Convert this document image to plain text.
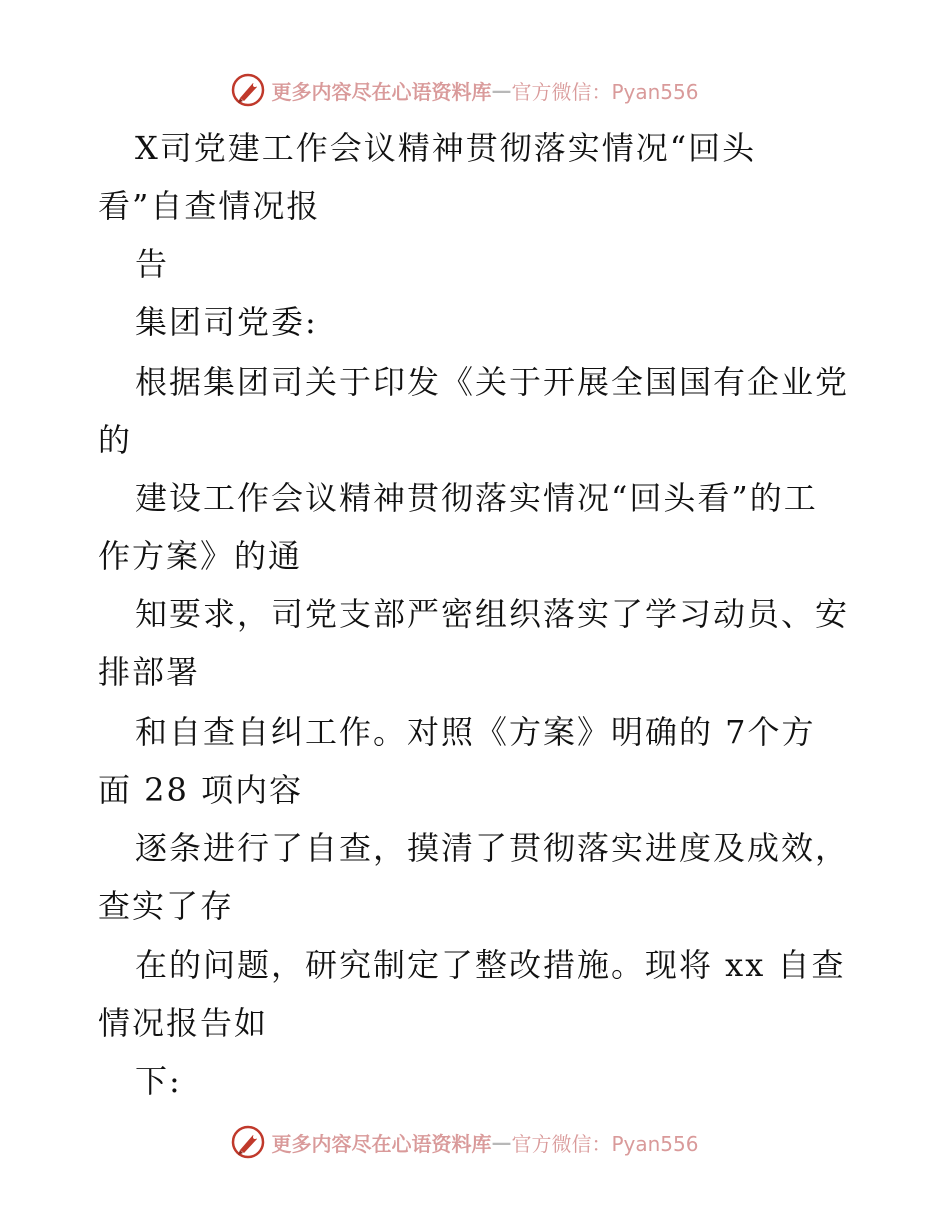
更多内容尽在心语资料库 — 官方微信：Pyan556
X司党建工作会议精神贯彻落实情况“回头
看”自查情况报
告
集团司党委:
根据集团司关于印发《关于开展全国国有企业党
的
建设工作会议精神贯彻落实情况“回头看”的工
作方案》的通
知要求，司党支部严密组织落实了学习动员、安
排部署
和自查自纠工作。对照《方案》明确的 7个方
面 28 项内容
逐条进行了自查，摸清了贯彻落实进度及成效，
查实了存
在的问题，研究制定了整改措施。现将 xx 自查
情况报告如
下:
更多内容尽在心语资料库 — 官方微信：Pyan556
